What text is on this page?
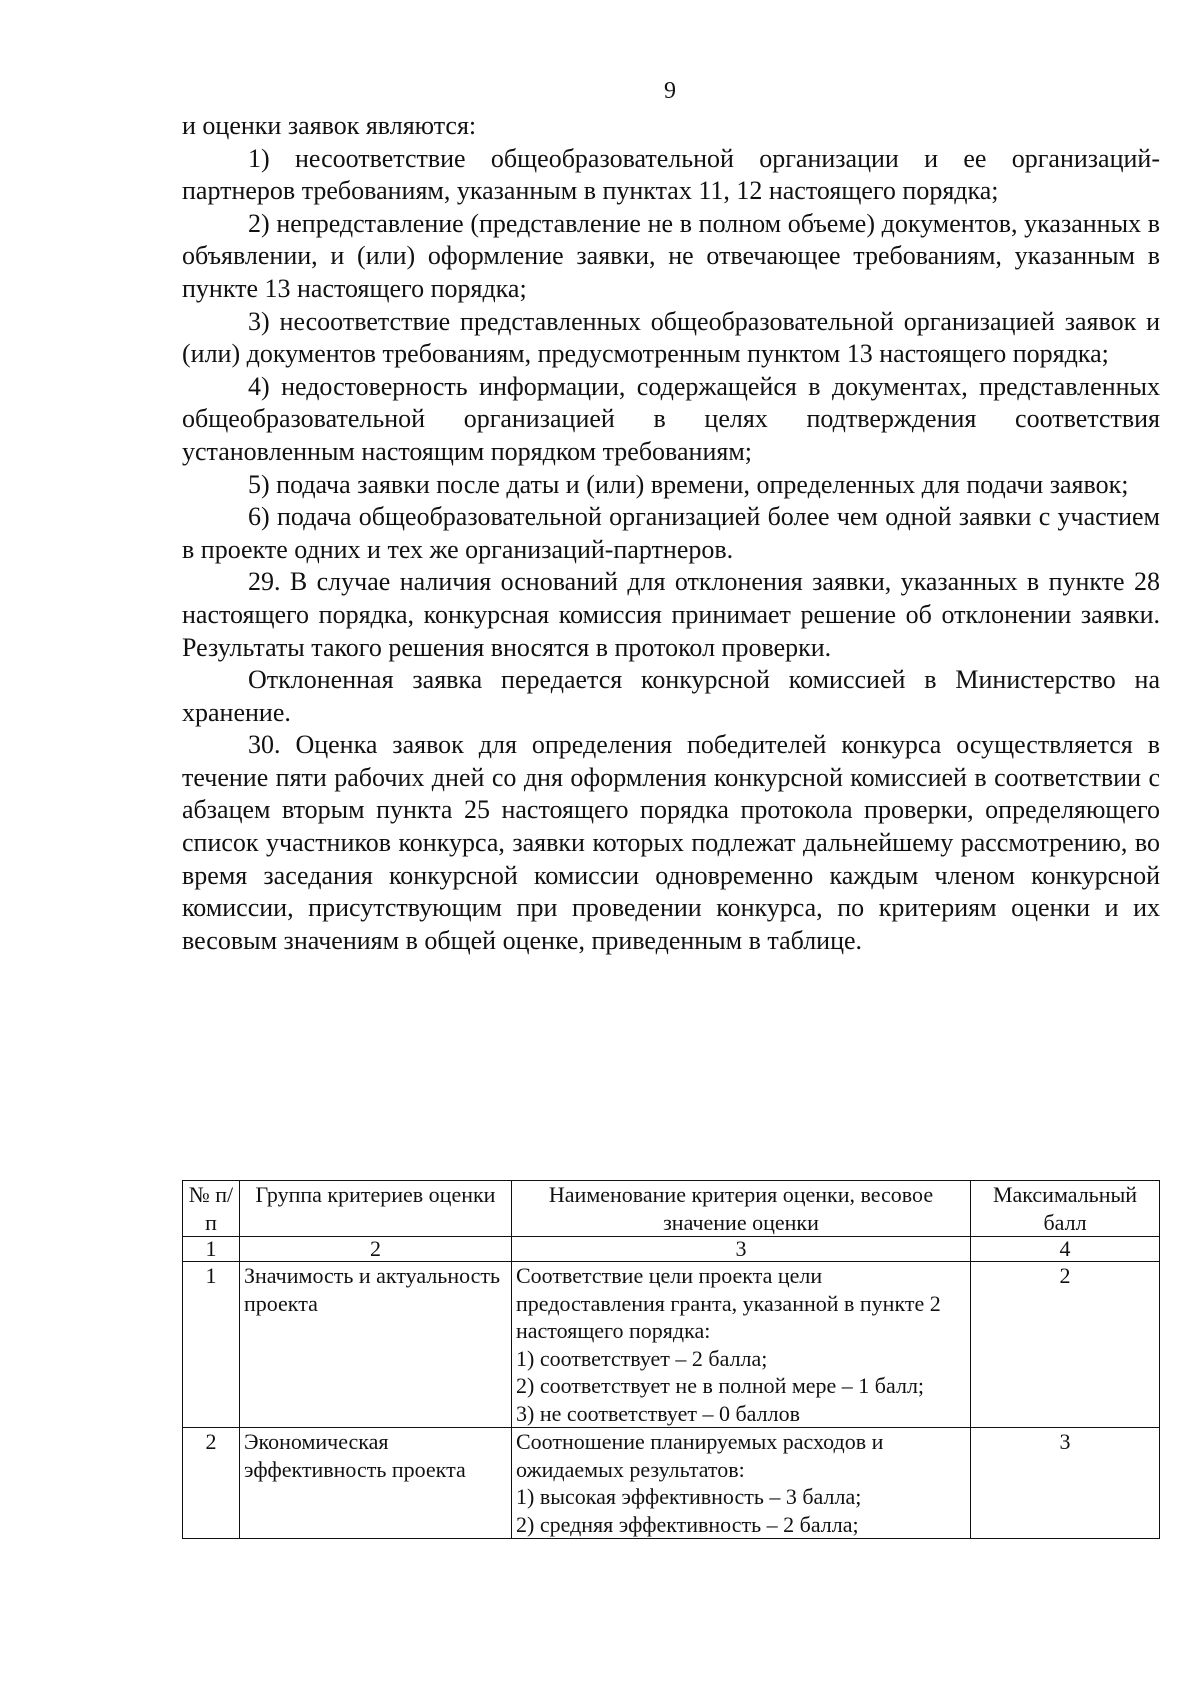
9

и оценки заявок являются:

1) несоответствие общеобразовательной организации и ее организаций-партнеров требованиям, указанным в пунктах 11, 12 настоящего порядка;

2) непредставление (представление не в полном объеме) документов, указанных в объявлении, и (или) оформление заявки, не отвечающее требованиям, указанным в пункте 13 настоящего порядка;

3) несоответствие представленных общеобразовательной организацией заявок и (или) документов требованиям, предусмотренным пунктом 13 настоящего порядка;

4) недостоверность информации, содержащейся в документах, представленных общеобразовательной организацией в целях подтверждения соответствия установленным настоящим порядком требованиям;

5) подача заявки после даты и (или) времени, определенных для подачи заявок;

6) подача общеобразовательной организацией более чем одной заявки с участием в проекте одних и тех же организаций-партнеров.

29. В случае наличия оснований для отклонения заявки, указанных в пункте 28 настоящего порядка, конкурсная комиссия принимает решение об отклонении заявки. Результаты такого решения вносятся в протокол проверки.

Отклоненная заявка передается конкурсной комиссией в Министерство на хранение.

30. Оценка заявок для определения победителей конкурса осуществляется в течение пяти рабочих дней со дня оформления конкурсной комиссией в соответствии с абзацем вторым пункта 25 настоящего порядка протокола проверки, определяющего список участников конкурса, заявки которых подлежат дальнейшему рассмотрению, во время заседания конкурсной комиссии одновременно каждым членом конкурсной комиссии, присутствующим при проведении конкурса, по критериям оценки и их весовым значениям в общей оценке, приведенным в таблице.

№ п/п	Группа критериев оценки	Наименование критерия оценки, весовое значение оценки	Максимальный балл
1	2	3	4
1	Значимость и актуальность проекта	Соответствие цели проекта цели предоставления гранта, указанной в пункте 2 настоящего порядка:
1) соответствует – 2 балла;
2) соответствует не в полной мере – 1 балл;
3) не соответствует – 0 баллов	2
2	Экономическая эффективность проекта	Соотношение планируемых расходов и ожидаемых результатов:
1) высокая эффективность – 3 балла;
2) средняя эффективность – 2 балла;	3
